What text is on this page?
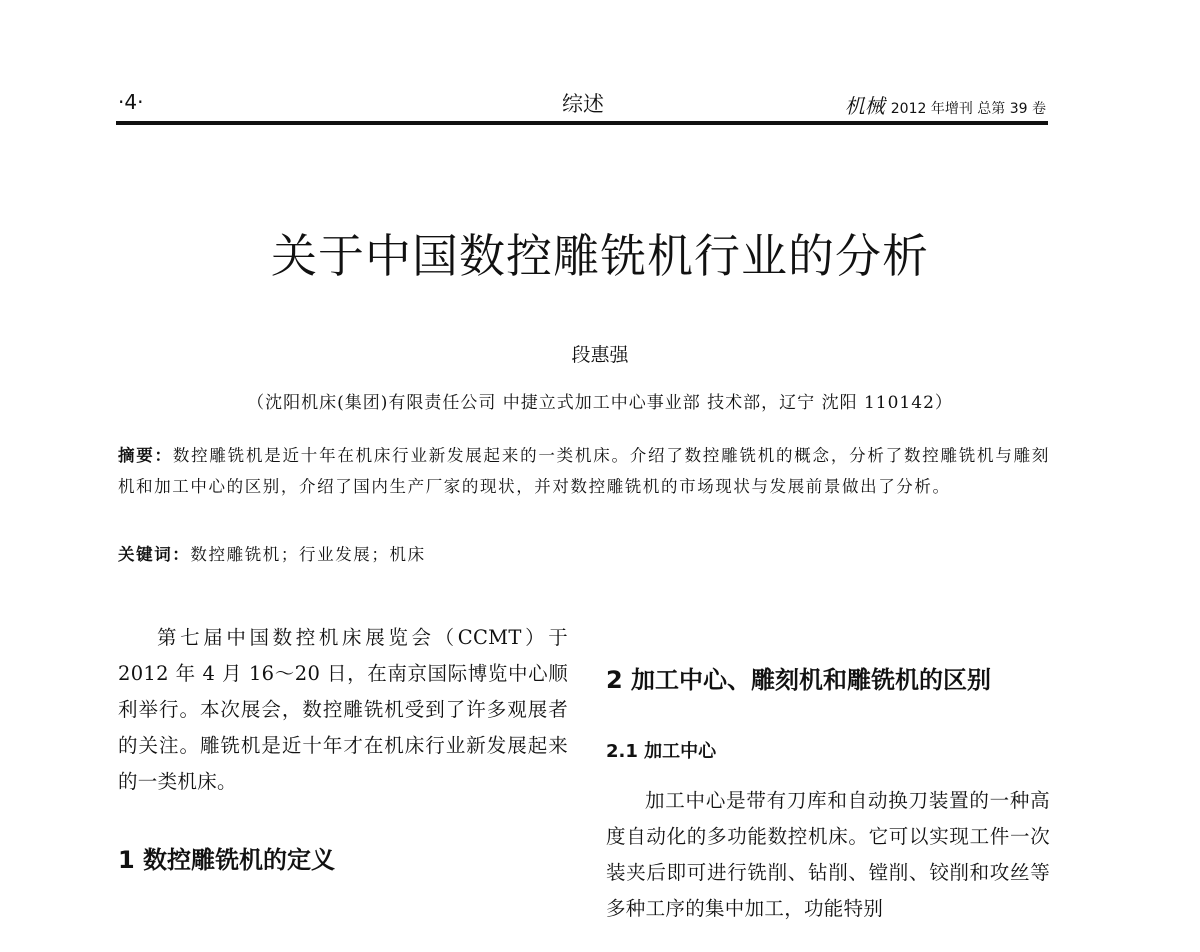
·4·	综述	机械 2012 年增刊 总第 39 卷
关于中国数控雕铣机行业的分析
段惠强
（沈阳机床(集团)有限责任公司 中捷立式加工中心事业部 技术部，辽宁 沈阳 110142）
摘要：数控雕铣机是近十年在机床行业新发展起来的一类机床。介绍了数控雕铣机的概念，分析了数控雕铣机与雕刻机和加工中心的区别，介绍了国内生产厂家的现状，并对数控雕铣机的市场现状与发展前景做出了分析。
关键词：数控雕铣机；行业发展；机床

第七届中国数控机床展览会（CCMT）于2012 年 4 月 16～20 日，在南京国际博览中心顺利举行。本次展会，数控雕铣机受到了许多观展者的关注。雕铣机是近十年才在机床行业新发展起来的一类机床。

1 数控雕铣机的定义
2 加工中心、雕刻机和雕铣机的区别
2.1 加工中心

加工中心是带有刀库和自动换刀装置的一种高度自动化的多功能数控机床。它可以实现工件一次装夹后即可进行铣削、钻削、镗削、铰削和攻丝等多种工序的集中加工，功能特别
